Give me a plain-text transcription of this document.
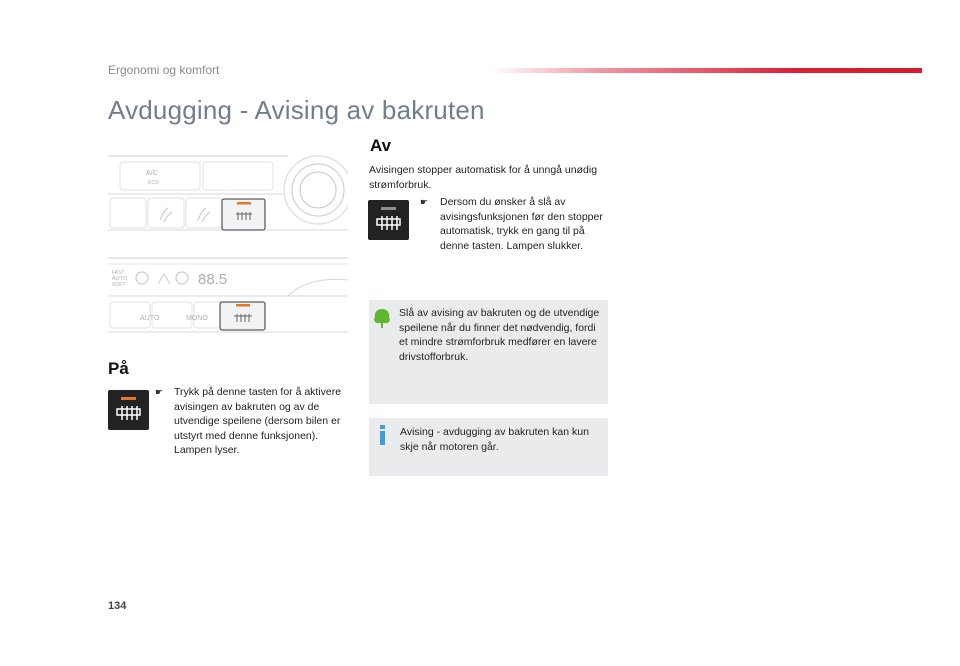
Ergonomi og komfort
Avdugging - Avising av bakruten
A/C
ECO
FAST
AUTO
SOFT	88.5
AUTO	MONO
Av
Avisingen stopper automatisk for å unngå unødig strømforbruk.
☛ Dersom du ønsker å slå av avisingsfunksjonen før den stopper automatisk, trykk en gang til på denne tasten. Lampen slukker.
Slå av avising av bakruten og de utvendige speilene når du finner det nødvendig, fordi et mindre strømforbruk medfører en lavere drivstofforbruk.
Avising - avdugging av bakruten kan kun skje når motoren går.
På
☛ Trykk på denne tasten for å aktivere avisingen av bakruten og av de utvendige speilene (dersom bilen er utstyrt med denne funksjonen). Lampen lyser.
134
